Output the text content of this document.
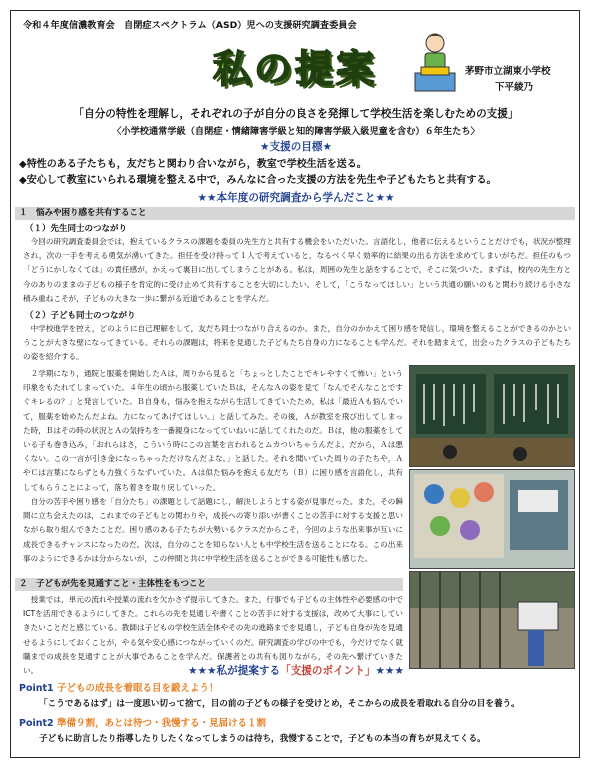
令和４年度信濃教育会　自閉症スペクトラム（ASD）児への支援研究調査委員会
私の提案	茅野市立湖東小学校
下平綾乃
「自分の特性を理解し，それぞれの子が自分の良さを発揮して学校生活を楽しむための支援」
〈小学校通常学級（自閉症・情緒障害学級と知的障害学級入級児童を含む）６年生たち〉
★支援の目標★
◆特性のある子たちも，友だちと関わり合いながら，教室で学校生活を送る。
◆安心して教室にいられる環境を整える中で，みんなに合った支援の方法を先生や子どもたちと共有する。
★★本年度の研究調査から学んだこと★★
１　悩みや困り感を共有すること
（１）先生同士のつながり
　今回の研究調査委員会では，抱えているクラスの課題を委員の先生方と共有する機会をいただいた。言語化し，他者に伝えるということだけでも，状況が整理され，次の一手を考える勇気が湧いてきた。担任を受け持って１人で考えていると，なるべく早く効率的に結果の出る方法を求めてしまいがちだ。担任のもつ「どうにかしなくては」の責任感が，かえって裏目に出してしまうことがある。私は，周囲の先生と話をすることで，そこに気づいた。まずは，校内の先生方と今のありのままの子どもの様子を肯定的に受け止めて共有することを大切にしたい。そして，「こうなってほしい」という共通の願いのもと関わり続ける小さな積み重ねこそが，子どもの大きな一歩に繋がる近道であることを学んだ。
（２）子ども同士のつながり
　中学校進学を控え，どのように自己理解をして，友だち同士つながり合えるのか。また，自分のかかえて困り感を発信し，環境を整えることができるのかということが大きな壁になってきている。それらの課題は，将来を見通した子どもたち自身の力になることも学んだ。それを踏まえて，出会ったクラスの子どもたちの姿を紹介する。
　２学期になり，通院と服薬を開始したＡは，周りから見ると「ちょっとしたことでキレやすくて怖い」という印象をもたれてしまっていた。４年生の頃から服薬していたＢは，そんなＡの姿を見て「なんでそんなことですぐキレるの？」と発言していた。Ｂ自身も，悩みを抱えながら生活してきていたため，私は「最近Ａも悩んでいて，服薬を始めたんだよね。力になってあげてほしい。」と話してみた。その後，Ａが教室を飛び出してしまった時，Ｂはその時の状況とＡの気持ちを一番親身になってていねいに話してくれたのだ。Ｂは，他の服薬をしている子も巻き込み，「おれらはさ，こういう時にこの言葉を言われるとムカついちゃうんだよ。だから，Ａは悪くない。この一言が引き金になっちゃっただけなんだよな。」と話した。それを聞いていた周りの子たちや，ＡやＣは言葉にならずとも力強くうなずいていた。Ａは似た悩みを抱える友だち（Ｂ）に困り感を言語化し，共有してもらうことによって，落ち着きを取り戻していった。
　自分の苦手や困り感を「自分たち」の課題として話題にし，解決しようとする姿が見事だった。また，その瞬間に立ち会えたのは，これまでの子どもとの関わりや，成長への寄り添いが書くことの苦手に対する支援と思いながら取り組んできたことだ。困り感のある子たちが大勢いるクラスだからこそ，今回のような出来事が互いに成長できるチャンスになったのだ。次は，自分のことを知らない人とも中学校生活を送ることになる。この出来事のようにできるかは分からないが，この仲間と共に中学校生活を送ることができる可能性も感じた。
２　子どもが先を見通すこと・主体性をもつこと
　授業では，単元の流れや授業の流れを欠かさず提示してきた。また，行事でも子どもの主体性や必要感の中でICTを活用できるようにしてきた。これらの先を見通しや書くことの苦手に対する支援は，改めて大事にしていきたいことだと感じている。教師は子どもの学校生活全体やその先の進路までを見通し，子ども自身が先を見通せるようにしておくことが，やる気や安心感につながっていくのだ。研究調査の学びの中でも，今だけでなく就職までの成長を見通すことが大事であることを学んだ。保護者との共有も図りながら，その先へ繋げていきたい。	★★★私が提案する「支援のポイント」★★★
Point1 子どもの成長を着眼る目を鍛えよう！
「こうであるはず」は一度思い切って捨て，目の前の子どもの様子を受けとめ，そこからの成長を看取れる自分の目を養う。
Point2 準備９割，あとは待つ・我慢する・見届ける１割
子どもに助言したり指導したりしたくなってしまうのは待ち，我慢することで，子どもの本当の育ちが見えてくる。
